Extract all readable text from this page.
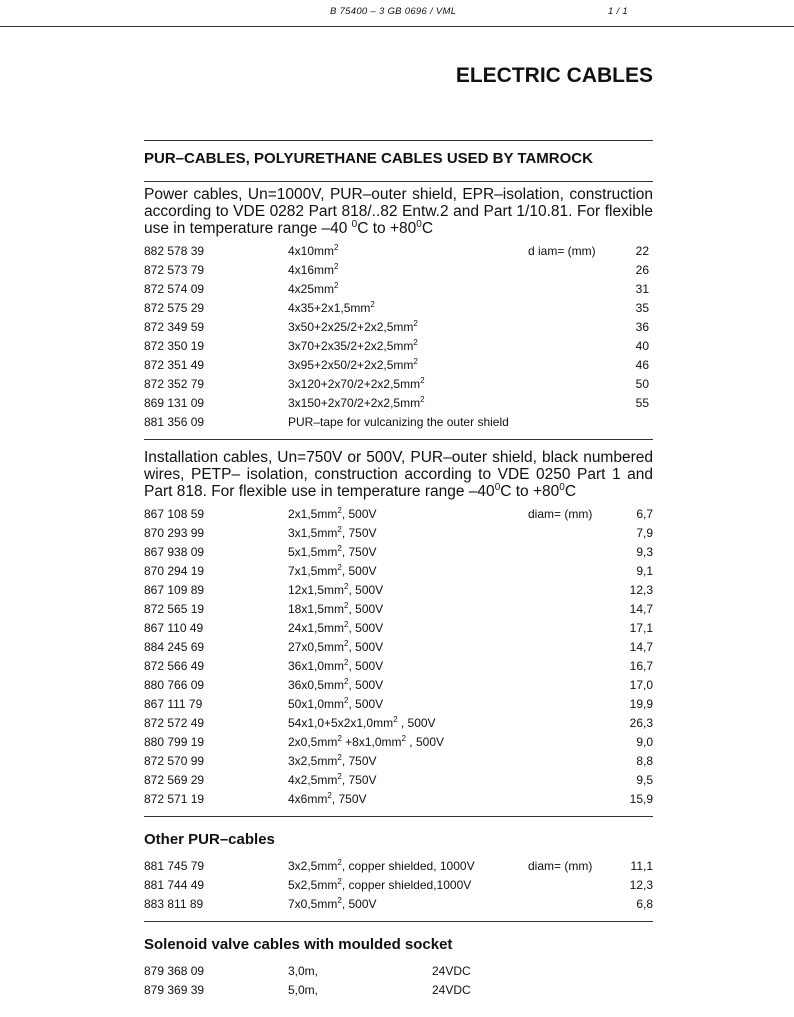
B 75400 – 3 GB 0696 / VML	1 / 1
ELECTRIC CABLES
PUR–CABLES, POLYURETHANE CABLES USED BY TAMROCK
Power cables, Un=1000V, PUR–outer shield, EPR–isolation, construction according to VDE 0282 Part 818/..82 Entw.2 and Part 1/10.81. For flexible use in temperature range –40 $^0$C to $+80^0C$
882 578 39	$4x10mm^2$	d iam= (mm)	22
872 573 79	$4x16mm^2$	26
872 574 09	$4x25mm^2$	31
872 575 29	$4x35+2x1,5mm^2$	35
872 349 59	$3x50+2x25/2+2x2,5mm^2$	36
872 350 19	$3x70+2x35/2+2x2,5mm^2$	40
872 351 49	$3x95+2x50/2+2x2,5mm^2$	46
872 352 79	$3x120+2x70/2+2x2,5mm^2$	50
869 131 09	$3x150+2x70/2+2x2,5mm^2$	55
881 356 09	PUR–tape for vulcanizing the outer shield
Installation cables, Un=750V or 500V, PUR–outer shield, black numbered wires, PETP– isolation, construction according to VDE 0250 Part 1 and Part 818. For flexible use in temperature range $-40^0C$ to $+80^0C$
867 108 59	$2x1,5mm^2$, 500V	diam= (mm)	6,7
870 293 99	$3x1,5mm^2$, 750V	7,9
867 938 09	$5x1,5mm^2$, 750V	9,3
870 294 19	$7x1,5mm^2$, 500V	9,1
867 109 89	$12x1,5mm^2$, 500V	12,3
872 565 19	$18x1,5mm^2$, 500V	14,7
867 110 49	$24x1,5mm^2$, 500V	17,1
884 245 69	$27x0,5mm^2$, 500V	14,7
872 566 49	$36x1,0mm^2$, 500V	16,7
880 766 09	$36x0,5mm^2$, 500V	17,0
867 111 79	$50x1,0mm^2$, 500V	19,9
872 572 49	$54x1,0+5x2x1,0mm^2$ , 500V	26,3
880 799 19	$2x0,5mm^2 +8x1,0mm^2$ , 500V	9,0
872 570 99	$3x2,5mm^2$, 750V	8,8
872 569 29	$4x2,5mm^2$, 750V	9,5
872 571 19	$4x6mm^2$, 750V	15,9
Other PUR–cables
881 745 79	$3x2,5mm^2$, copper shielded, 1000V	diam= (mm)	11,1
881 744 49	$5x2,5mm^2$, copper shielded,1000V	12,3
883 811 89	$7x0,5mm^2$, 500V	6,8
Solenoid valve cables with moulded socket
879 368 09	3,0m,	24VDC
879 369 39	5,0m,	24VDC
